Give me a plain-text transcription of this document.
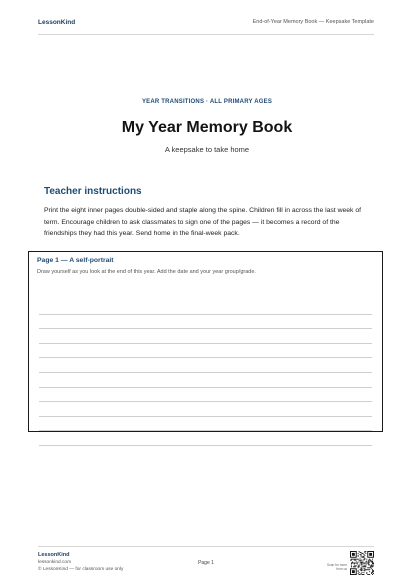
LessonKind	End-of-Year Memory Book — Keepsake Template
YEAR TRANSITIONS · ALL PRIMARY AGES
My Year Memory Book
A keepsake to take home
Teacher instructions
Print the eight inner pages double-sided and staple along the spine. Children fill in across the last week of term. Encourage children to ask classmates to sign one of the pages — it becomes a record of the friendships they had this year. Send home in the final-week pack.
Page 1 — A self-portrait
Draw yourself as you look at the end of this year. Add the date and your year group/grade.
LessonKind
lessonkind.com
© LessonKind — for classroom use only
Page 1	Scan for more from us
